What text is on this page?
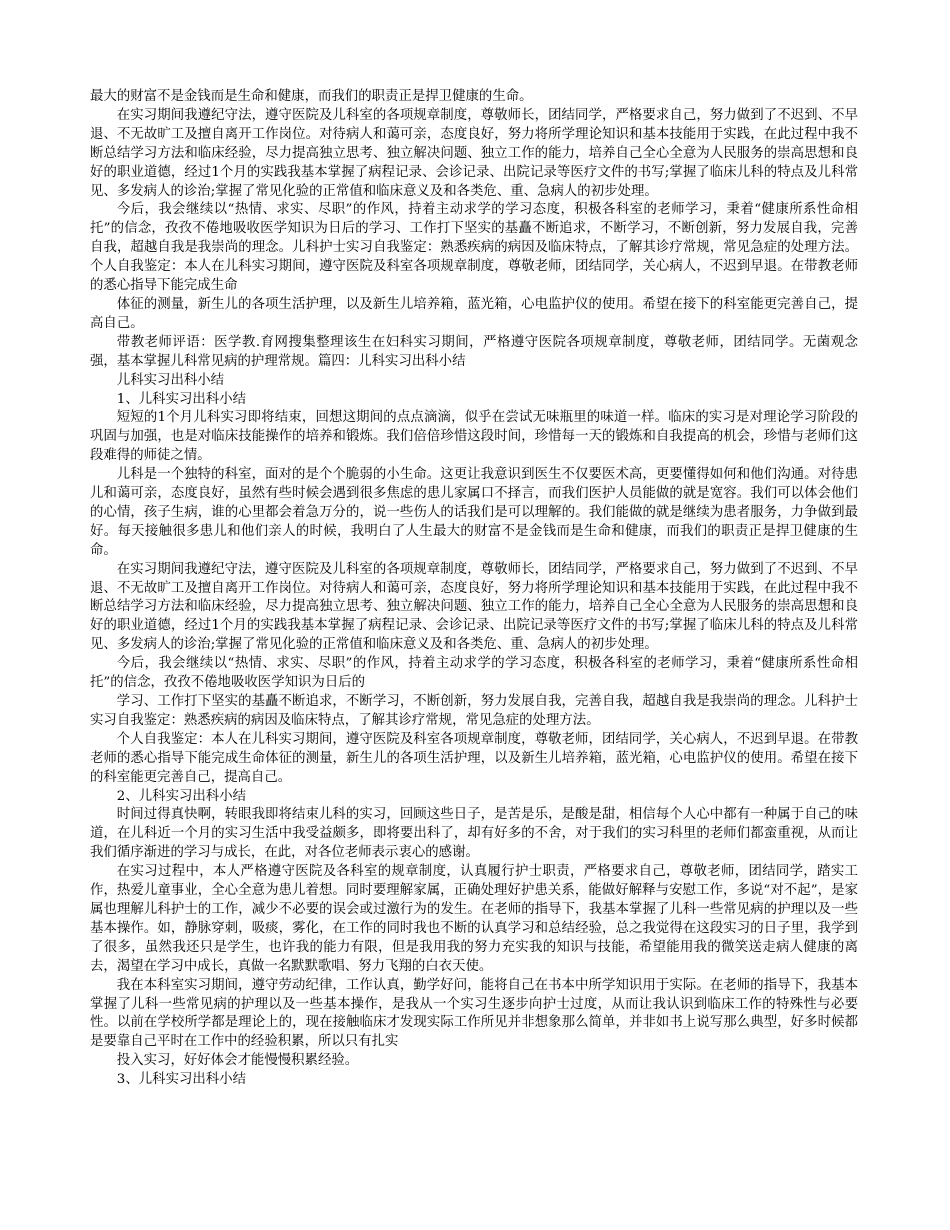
最大的财富不是金钱而是生命和健康，而我们的职责正是捍卫健康的生命。

在实习期间我遵纪守法，遵守医院及儿科室的各项规章制度，尊敬师长，团结同学，严格要求自己，努力做到了不迟到、不早退、不无故旷工及擅自离开工作岗位。对待病人和蔼可亲，态度良好，努力将所学理论知识和基本技能用于实践，在此过程中我不断总结学习方法和临床经验，尽力提高独立思考、独立解决问题、独立工作的能力，培养自己全心全意为人民服务的崇高思想和良好的职业道德，经过1个月的实践我基本掌握了病程记录、会诊记录、出院记录等医疗文件的书写;掌握了临床儿科的特点及儿科常见、多发病人的诊治;掌握了常见化验的正常值和临床意义及和各类危、重、急病人的初步处理。

今后，我会继续以“热情、求实、尽职”的作风，持着主动求学的学习态度，积极各科室的老师学习，秉着“健康所系性命相托”的信念，孜孜不倦地吸收医学知识为日后的学习、工作打下坚实的基矗不断追求，不断学习，不断创新，努力发展自我，完善自我，超越自我是我崇尚的理念。儿科护士实习自我鉴定：熟悉疾病的病因及临床特点，了解其诊疗常规，常见急症的处理方法。 个人自我鉴定：本人在儿科实习期间，遵守医院及科室各项规章制度，尊敬老师，团结同学，关心病人，不迟到早退。在带教老师的悉心指导下能完成生命

体征的测量，新生儿的各项生活护理，以及新生儿培养箱，蓝光箱，心电监护仪的使用。希望在接下的科室能更完善自己，提高自己。

带教老师评语：医学教.育网搜集整理该生在妇科实习期间，严格遵守医院各项规章制度，尊敬老师，团结同学。无菌观念强，基本掌握儿科常见病的护理常规。篇四：儿科实习出科小结

儿科实习出科小结

1、儿科实习出科小结

短短的1个月儿科实习即将结束，回想这期间的点点滴滴，似乎在尝试无味瓶里的味道一样。临床的实习是对理论学习阶段的巩固与加强，也是对临床技能操作的培养和锻炼。我们倍倍珍惜这段时间，珍惜每一天的锻炼和自我提高的机会，珍惜与老师们这段难得的师徒之情。

儿科是一个独特的科室，面对的是个个脆弱的小生命。这更让我意识到医生不仅要医术高，更要懂得如何和他们沟通。对待患儿和蔼可亲，态度良好，虽然有些时候会遇到很多焦虑的患儿家属口不择言，而我们医护人员能做的就是宽容。我们可以体会他们的心情，孩子生病，谁的心里都会着急万分的，说一些伤人的话我们是可以理解的。我们能做的就是继续为患者服务，力争做到最好。每天接触很多患儿和他们亲人的时候，我明白了人生最大的财富不是金钱而是生命和健康，而我们的职责正是捍卫健康的生命。

在实习期间我遵纪守法，遵守医院及儿科室的各项规章制度，尊敬师长，团结同学，严格要求自己，努力做到了不迟到、不早退、不无故旷工及擅自离开工作岗位。对待病人和蔼可亲，态度良好，努力将所学理论知识和基本技能用于实践，在此过程中我不断总结学习方法和临床经验，尽力提高独立思考、独立解决问题、独立工作的能力，培养自己全心全意为人民服务的崇高思想和良好的职业道德，经过1个月的实践我基本掌握了病程记录、会诊记录、出院记录等医疗文件的书写;掌握了临床儿科的特点及儿科常见、多发病人的诊治;掌握了常见化验的正常值和临床意义及和各类危、重、急病人的初步处理。

今后，我会继续以“热情、求实、尽职”的作风，持着主动求学的学习态度，积极各科室的老师学习，秉着“健康所系性命相托”的信念，孜孜不倦地吸收医学知识为日后的

学习、工作打下坚实的基矗不断追求，不断学习，不断创新，努力发展自我，完善自我，超越自我是我崇尚的理念。儿科护士实习自我鉴定：熟悉疾病的病因及临床特点，了解其诊疗常规，常见急症的处理方法。

个人自我鉴定：本人在儿科实习期间，遵守医院及科室各项规章制度，尊敬老师，团结同学，关心病人，不迟到早退。在带教老师的悉心指导下能完成生命体征的测量，新生儿的各项生活护理，以及新生儿培养箱，蓝光箱，心电监护仪的使用。希望在接下的科室能更完善自己，提高自己。

2、儿科实习出科小结

时间过得真快啊，转眼我即将结束儿科的实习，回顾这些日子，是苦是乐，是酸是甜，相信每个人心中都有一种属于自己的味道，在儿科近一个月的实习生活中我受益颇多，即将要出科了，却有好多的不舍，对于我们的实习科里的老师们都蛮重视，从而让我们循序渐进的学习与成长，在此，对各位老师表示衷心的感谢。

在实习过程中，本人严格遵守医院及各科室的规章制度，认真履行护士职责，严格要求自己，尊敬老师，团结同学，踏实工作，热爱儿童事业，全心全意为患儿着想。同时要理解家属，正确处理好护患关系，能做好解释与安慰工作，多说“对不起”，是家属也理解儿科护士的工作，减少不必要的误会或过激行为的发生。在老师的指导下，我基本掌握了儿科一些常见病的护理以及一些基本操作。如，静脉穿刺，吸痰，雾化，在工作的同时我也不断的认真学习和总结经验，总之我觉得在这段实习的日子里，我学到了很多，虽然我还只是学生，也许我的能力有限，但是我用我的努力充实我的知识与技能，希望能用我的微笑送走病人健康的离去，渴望在学习中成长，真做一名默默歌唱、努力飞翔的白衣天使。

我在本科室实习期间，遵守劳动纪律，工作认真，勤学好问，能将自己在书本中所学知识用于实际。在老师的指导下，我基本掌握了儿科一些常见病的护理以及一些基本操作，是我从一个实习生逐步向护士过度，从而让我认识到临床工作的特殊性与必要性。以前在学校所学都是理论上的，现在接触临床才发现实际工作所见并非想象那么简单，并非如书上说写那么典型，好多时候都是要靠自己平时在工作中的经验积累，所以只有扎实

投入实习，好好体会才能慢慢积累经验。

3、儿科实习出科小结
